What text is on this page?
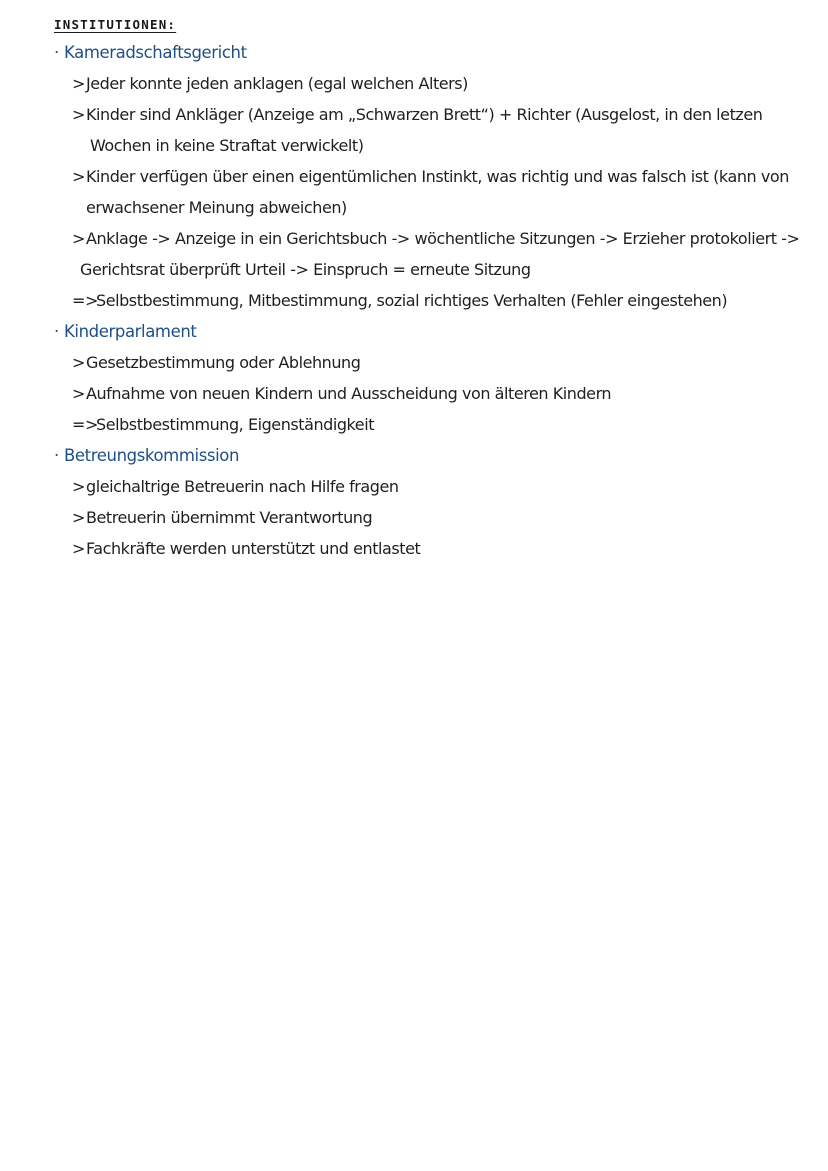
INSTITUTIONEN:
· Kameradschaftsgericht
> Jeder konnte jeden anklagen (egal welchen Alters)
> Kinder sind Ankläger (Anzeige am „Schwarzen Brett“) + Richter (Ausgelost, in den letzen
Wochen in keine Straftat verwickelt)
> Kinder verfügen über einen eigentümlichen Instinkt, was richtig und was falsch ist (kann von
erwachsener Meinung abweichen)
> Anklage -> Anzeige in ein Gerichtsbuch -> wöchentliche Sitzungen -> Erzieher protokoliert ->
Gerichtsrat überprüft Urteil -> Einspruch = erneute Sitzung
=>
Selbstbestimmung, Mitbestimmung, sozial richtiges Verhalten (Fehler eingestehen)
· Kinderparlament
> Gesetzbestimmung oder Ablehnung
> Aufnahme von neuen Kindern und Ausscheidung von älteren Kindern
=>
Selbstbestimmung, Eigenständigkeit
· Betreungskommission
> gleichaltrige Betreuerin nach Hilfe fragen
> Betreuerin übernimmt Verantwortung
> Fachkräfte werden unterstützt und entlastet
